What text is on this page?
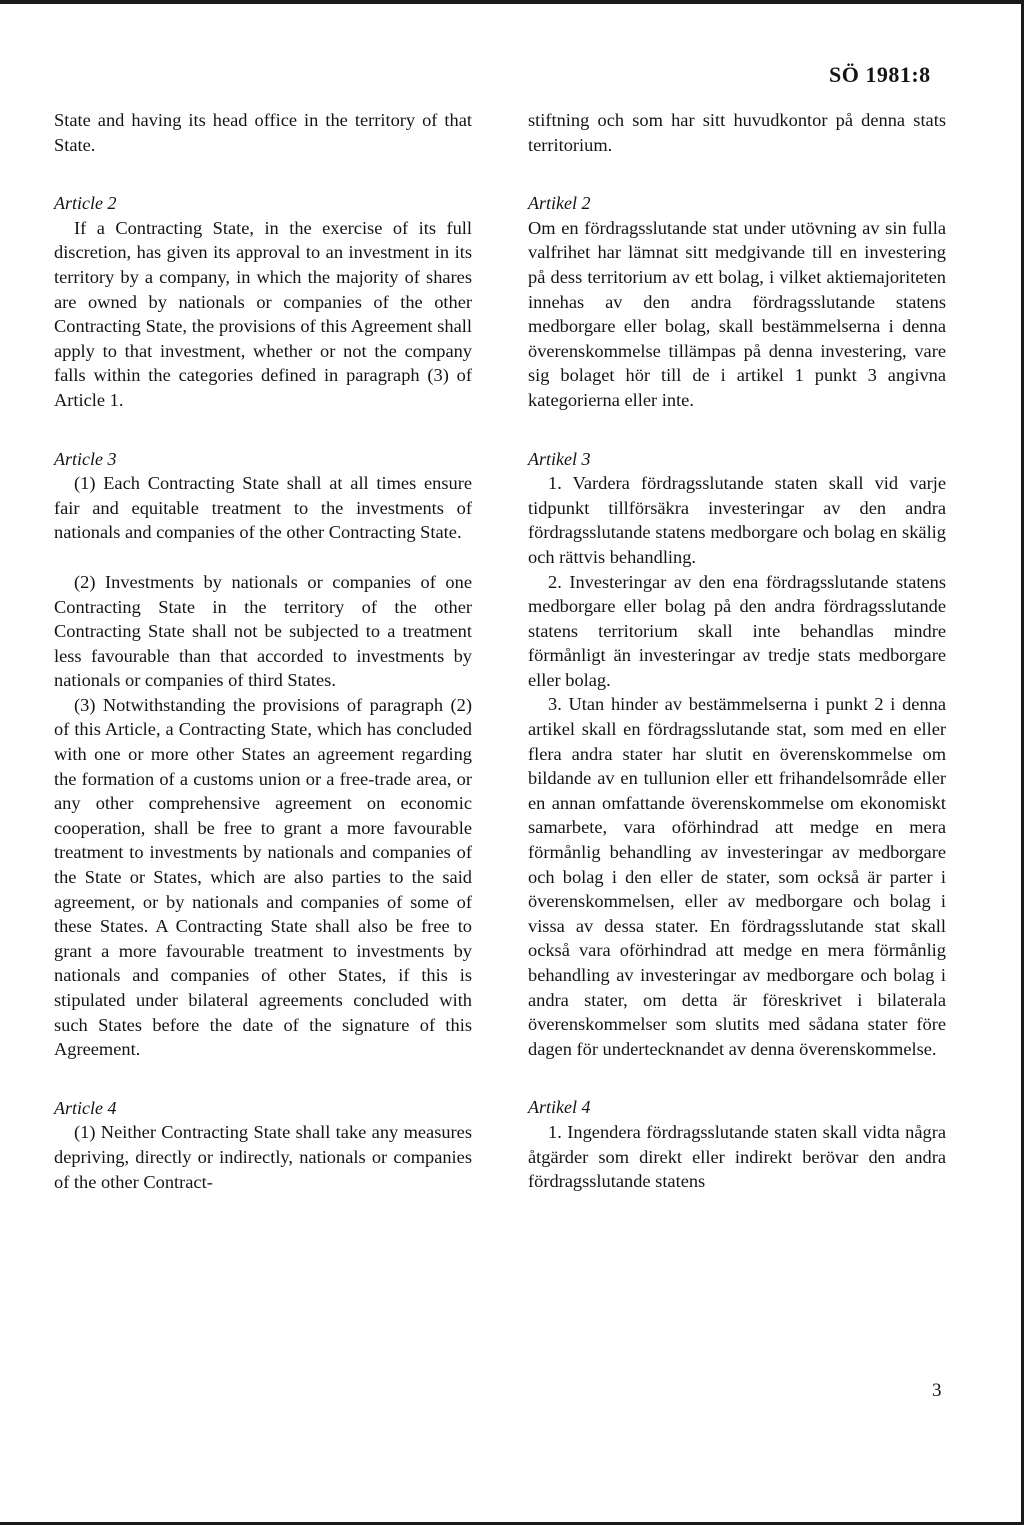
SÖ 1981:8

State and having its head office in the territory of that State.

Article 2

If a Contracting State, in the exercise of its full discretion, has given its approval to an investment in its territory by a company, in which the majority of shares are owned by nationals or companies of the other Contracting State, the provisions of this Agreement shall apply to that investment, whether or not the company falls within the categories defined in paragraph (3) of Article 1.

Article 3

(1) Each Contracting State shall at all times ensure fair and equitable treatment to the investments of nationals and companies of the other Contracting State.

(2) Investments by nationals or companies of one Contracting State in the territory of the other Contracting State shall not be subjected to a treatment less favourable than that accorded to investments by nationals or companies of third States.

(3) Notwithstanding the provisions of paragraph (2) of this Article, a Contracting State, which has concluded with one or more other States an agreement regarding the formation of a customs union or a free-trade area, or any other comprehensive agreement on economic cooperation, shall be free to grant a more favourable treatment to investments by nationals and companies of the State or States, which are also parties to the said agreement, or by nationals and companies of some of these States. A Contracting State shall also be free to grant a more favourable treatment to investments by nationals and companies of other States, if this is stipulated under bilateral agreements concluded with such States before the date of the signature of this Agreement.

Article 4

(1) Neither Contracting State shall take any measures depriving, directly or indirectly, nationals or companies of the other Contract-

stiftning och som har sitt huvudkontor på denna stats territorium.

Artikel 2

Om en fördragsslutande stat under utövning av sin fulla valfrihet har lämnat sitt medgivande till en investering på dess territorium av ett bolag, i vilket aktiemajoriteten innehas av den andra fördragsslutande statens medborgare eller bolag, skall bestämmelserna i denna överenskommelse tillämpas på denna investering, vare sig bolaget hör till de i artikel 1 punkt 3 angivna kategorierna eller inte.

Artikel 3

1. Vardera fördragsslutande staten skall vid varje tidpunkt tillförsäkra investeringar av den andra fördragsslutande statens medborgare och bolag en skälig och rättvis behandling.

2. Investeringar av den ena fördragsslutande statens medborgare eller bolag på den andra fördragsslutande statens territorium skall inte behandlas mindre förmånligt än investeringar av tredje stats medborgare eller bolag.

3. Utan hinder av bestämmelserna i punkt 2 i denna artikel skall en fördragsslutande stat, som med en eller flera andra stater har slutit en överenskommelse om bildande av en tullunion eller ett frihandelsområde eller en annan omfattande överenskommelse om ekonomiskt samarbete, vara oförhindrad att medge en mera förmånlig behandling av investeringar av medborgare och bolag i den eller de stater, som också är parter i överenskommelsen, eller av medborgare och bolag i vissa av dessa stater. En fördragsslutande stat skall också vara oförhindrad att medge en mera förmånlig behandling av investeringar av medborgare och bolag i andra stater, om detta är föreskrivet i bilaterala överenskommelser som slutits med sådana stater före dagen för undertecknandet av denna överenskommelse.

Artikel 4

1. Ingendera fördragsslutande staten skall vidta några åtgärder som direkt eller indirekt berövar den andra fördragsslutande statens

3
